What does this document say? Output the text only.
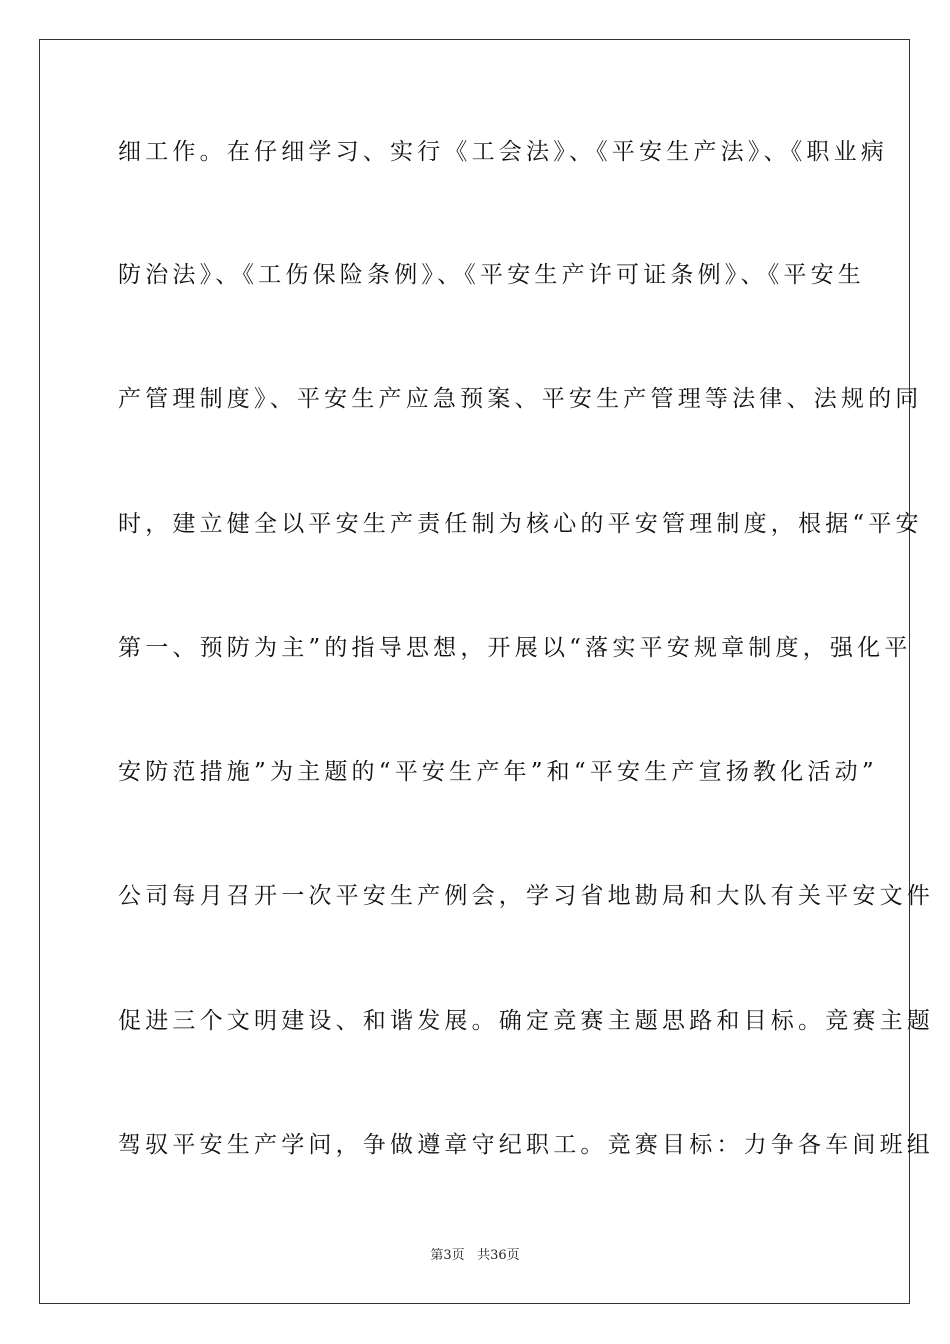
细工作。在仔细学习、实行《工会法》、《平安生产法》、《职业病
防治法》、《工伤保险条例》、《平安生产许可证条例》、《平安生
产管理制度》、平安生产应急预案、平安生产管理等法律、法规的同
时，建立健全以平安生产责任制为核心的平安管理制度，根据“平安
第一、预防为主”的指导思想，开展以“落实平安规章制度，强化平
安防范措施”为主题的“平安生产年”和“平安生产宣扬教化活动”
公司每月召开一次平安生产例会，学习省地勘局和大队有关平安文件
促进三个文明建设、和谐发展。确定竞赛主题思路和目标。竞赛主题
驾驭平安生产学问，争做遵章守纪职工。竞赛目标：力争各车间班组
第3页 共36页
